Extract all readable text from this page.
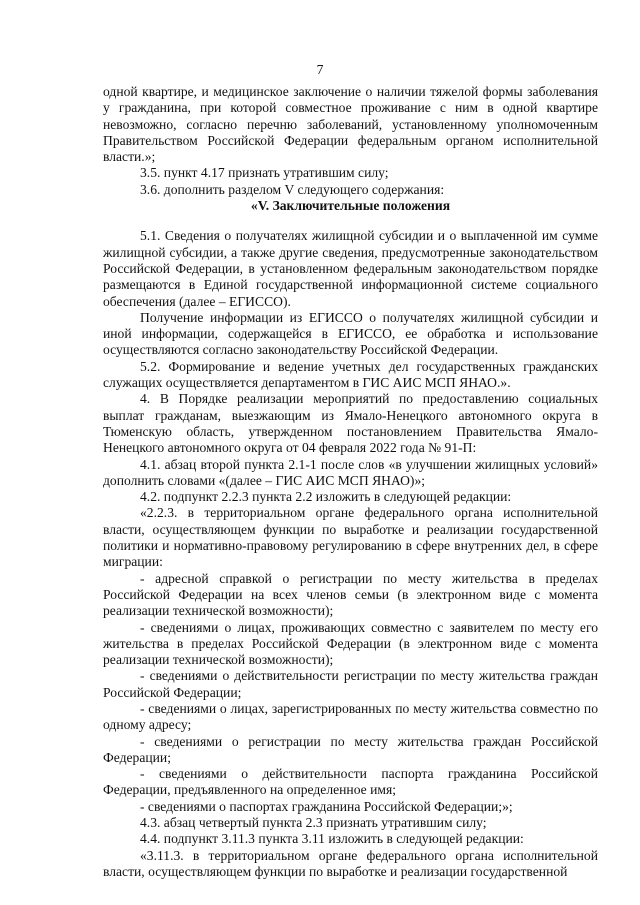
7

одной квартире, и медицинское заключение о наличии тяжелой формы заболевания у гражданина, при которой совместное проживание с ним в одной квартире невозможно, согласно перечню заболеваний, установленному уполномоченным Правительством Российской Федерации федеральным органом исполнительной власти.»;

3.5. пункт 4.17 признать утратившим силу;

3.6. дополнить разделом V следующего содержания:

«V. Заключительные положения

5.1. Сведения о получателях жилищной субсидии и о выплаченной им сумме жилищной субсидии, а также другие сведения, предусмотренные законодательством Российской Федерации, в установленном федеральным законодательством порядке размещаются в Единой государственной информационной системе социального обеспечения (далее – ЕГИССО).

Получение информации из ЕГИССО о получателях жилищной субсидии и иной информации, содержащейся в ЕГИССО, ее обработка и использование осуществляются согласно законодательству Российской Федерации.

5.2. Формирование и ведение учетных дел государственных гражданских служащих осуществляется департаментом в ГИС АИС МСП ЯНАО.».

4. В Порядке реализации мероприятий по предоставлению социальных выплат гражданам, выезжающим из Ямало-Ненецкого автономного округа в Тюменскую область, утвержденном постановлением Правительства Ямало-Ненецкого автономного округа от 04 февраля 2022 года № 91-П:

4.1. абзац второй пункта 2.1-1 после слов «в улучшении жилищных условий» дополнить словами «(далее – ГИС АИС МСП ЯНАО)»;

4.2. подпункт 2.2.3 пункта 2.2 изложить в следующей редакции:

«2.2.3. в территориальном органе федерального органа исполнительной власти, осуществляющем функции по выработке и реализации государственной политики и нормативно-правовому регулированию в сфере внутренних дел, в сфере миграции:

- адресной справкой о регистрации по месту жительства в пределах Российской Федерации на всех членов семьи (в электронном виде с момента реализации технической возможности);

- сведениями о лицах, проживающих совместно с заявителем по месту его жительства в пределах Российской Федерации (в электронном виде с момента реализации технической возможности);

- сведениями о действительности регистрации по месту жительства граждан Российской Федерации;

- сведениями о лицах, зарегистрированных по месту жительства совместно по одному адресу;

- сведениями о регистрации по месту жительства граждан Российской Федерации;

- сведениями о действительности паспорта гражданина Российской Федерации, предъявленного на определенное имя;

- сведениями о паспортах гражданина Российской Федерации;»;

4.3. абзац четвертый пункта 2.3 признать утратившим силу;

4.4. подпункт 3.11.3 пункта 3.11 изложить в следующей редакции:

«3.11.3. в территориальном органе федерального органа исполнительной власти, осуществляющем функции по выработке и реализации государственной
